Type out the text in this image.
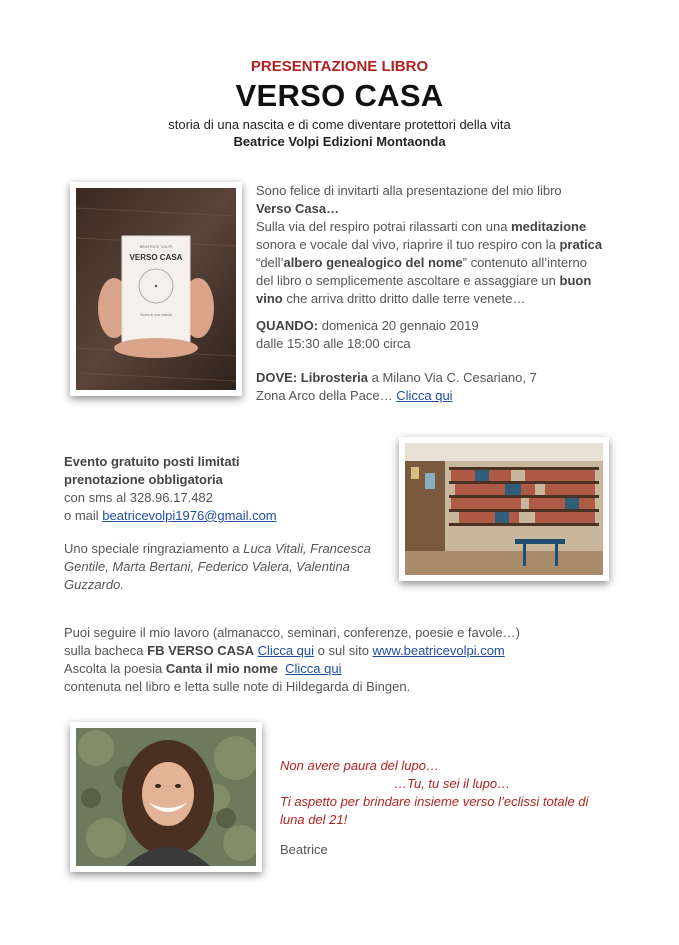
PRESENTAZIONE LIBRO
VERSO CASA
storia di una nascita e di come diventare protettori della vita
Beatrice Volpi Edizioni Montaonda
BEATRICE VOLPI
VERSO CASA
Storia di una nascita
Sono felice di invitarti alla presentazione del mio libro
Verso Casa…
Sulla via del respiro potrai rilassarti con una meditazione
sonora e vocale dal vivo, riaprire il tuo respiro con la pratica
“dell’albero genealogico del nome” contenuto all’interno
del libro o semplicemente ascoltare e assaggiare un buon
vino che arriva dritto dritto dalle terre venete…
QUANDO: domenica 20 gennaio 2019
dalle 15:30 alle 18:00 circa
DOVE: Librosteria a Milano Via C. Cesariano, 7
Zona Arco della Pace… Clicca qui
Evento gratuito posti limitati
prenotazione obbligatoria
con sms al 328.96.17.482
o mail beatricevolpi1976@gmail.com
Uno speciale ringraziamento a Luca Vitali, Francesca
Gentile, Marta Bertani, Federico Valera, Valentina
Guzzardo.
Puoi seguire il mio lavoro (almanacco, seminari, conferenze, poesie e favole…)
sulla bacheca FB VERSO CASA Clicca qui o sul sito www.beatricevolpi.com
Ascolta la poesia Canta il mio nome Clicca qui
contenuta nel libro e letta sulle note di Hildegarda di Bingen.
Non avere paura del lupo…
…Tu, tu sei il lupo…
Ti aspetto per brindare insieme verso l’eclissi totale di
luna del 21!
Beatrice
